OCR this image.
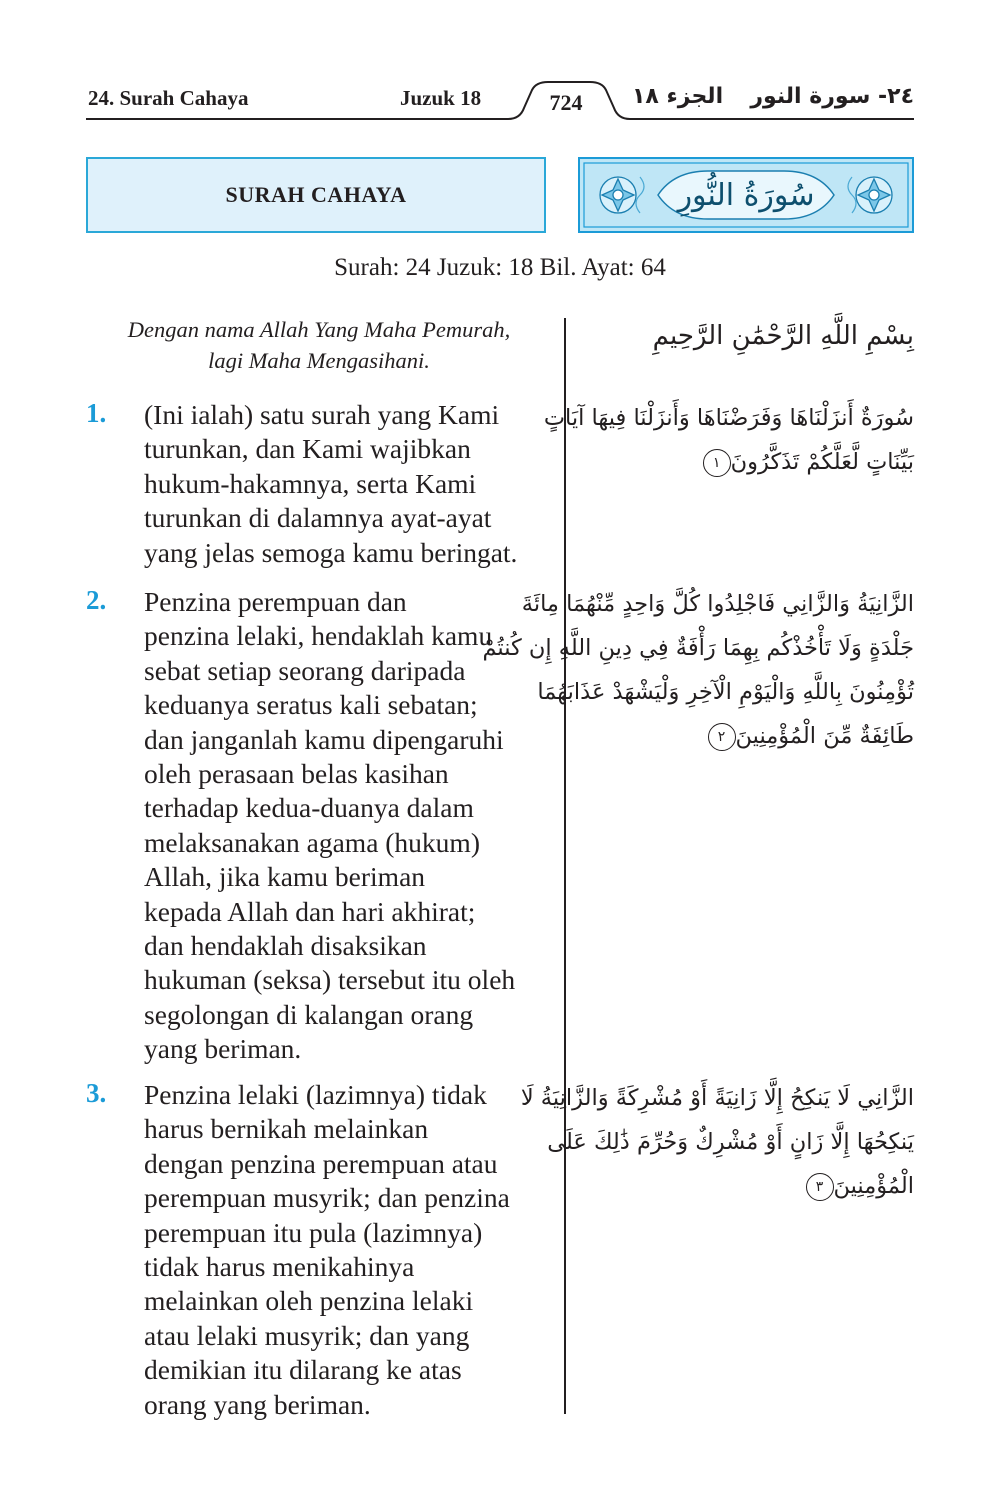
24. Surah Cahaya	Juzuk 18	724	الجزء ١٨ ٢٤- سورة النور
SURAH CAHAYA	سُورَةُ النُّورِ
Surah: 24 Juzuk: 18 Bil. Ayat: 64
Dengan nama Allah Yang Maha Pemurah,
lagi Maha Mengasihani.
بِسْمِ اللَّهِ الرَّحْمَٰنِ الرَّحِيمِ
1. (Ini ialah) satu surah yang Kami
turunkan, dan Kami wajibkan
hukum-hakamnya, serta Kami
turunkan di dalamnya ayat-ayat
yang jelas semoga kamu beringat.
سُورَةٌ أَنزَلْنَاهَا وَفَرَضْنَاهَا وَأَنزَلْنَا فِيهَا آيَاتٍ
بَيِّنَاتٍ لَّعَلَّكُمْ تَذَكَّرُونَ١
2. Penzina perempuan dan
penzina lelaki, hendaklah kamu
sebat setiap seorang daripada
keduanya seratus kali sebatan;
dan janganlah kamu dipengaruhi
oleh perasaan belas kasihan
terhadap kedua-duanya dalam
melaksanakan agama (hukum)
Allah, jika kamu beriman
kepada Allah dan hari akhirat;
dan hendaklah disaksikan
hukuman (seksa) tersebut itu oleh
segolongan di kalangan orang
yang beriman.
الزَّانِيَةُ وَالزَّانِي فَاجْلِدُوا كُلَّ وَاحِدٍ مِّنْهُمَا مِائَةَ
جَلْدَةٍ وَلَا تَأْخُذْكُم بِهِمَا رَأْفَةٌ فِي دِينِ اللَّهِ إِن كُنتُمْ
تُؤْمِنُونَ بِاللَّهِ وَالْيَوْمِ الْآخِرِ وَلْيَشْهَدْ عَذَابَهُمَا
طَائِفَةٌ مِّنَ الْمُؤْمِنِينَ٢
3. Penzina lelaki (lazimnya) tidak
harus bernikah melainkan
dengan penzina perempuan atau
perempuan musyrik; dan penzina
perempuan itu pula (lazimnya)
tidak harus menikahinya
melainkan oleh penzina lelaki
atau lelaki musyrik; dan yang
demikian itu dilarang ke atas
orang yang beriman.
الزَّانِي لَا يَنكِحُ إِلَّا زَانِيَةً أَوْ مُشْرِكَةً وَالزَّانِيَةُ لَا
يَنكِحُهَا إِلَّا زَانٍ أَوْ مُشْرِكٌ وَحُرِّمَ ذَٰلِكَ عَلَى
الْمُؤْمِنِينَ٣
